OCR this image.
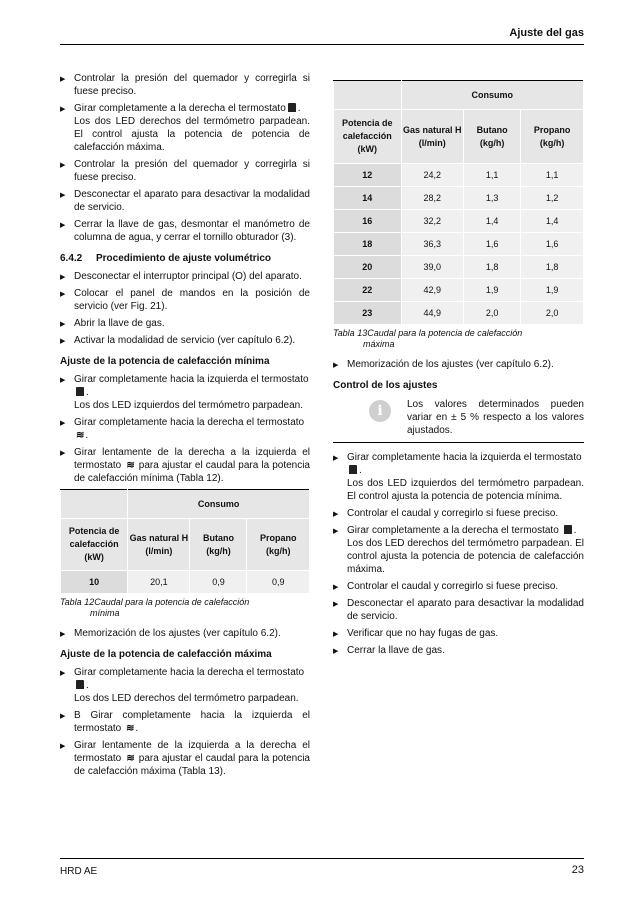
Ajuste del gas

▶ Controlar la presión del quemador y corregirla si fuese preciso.

▶ Girar completamente a la derecha el termostato .
Los dos LED derechos del termómetro parpadean. El control ajusta la potencia de potencia de calefacción máxima.

▶ Controlar la presión del quemador y corregirla si fuese preciso.

▶ Desconectar el aparato para desactivar la modalidad de servicio.

▶ Cerrar la llave de gas, desmontar el manómetro de columna de agua, y cerrar el tornillo obturador (3).

6.4.2 Procedimiento de ajuste volumétrico

▶ Desconectar el interruptor principal (O) del aparato.

▶ Colocar el panel de mandos en la posición de servicio (ver Fig. 21).

▶ Abrir la llave de gas.

▶ Activar la modalidad de servicio (ver capítulo 6.2).

Ajuste de la potencia de calefacción mínima

▶ Girar completamente hacia la izquierda el termostato
.
Los dos LED izquierdos del termómetro parpadean.

▶ Girar completamente hacia la derecha el termostato
≋ .

▶ Girar lentamente de la derecha a la izquierda el termostato ≋ para ajustar el caudal para la potencia de calefacción mínima (Tabla 12).

	Consumo		
Potencia de calefacción (kW)	Gas natural H (l/min)	Butano (kg/h)	Propano (kg/h)
10	20,1	0,9	0,9
Tabla 12Caudal para la potencia de calefacción
mínima

▶ Memorización de los ajustes (ver capítulo 6.2).

Ajuste de la potencia de calefacción máxima

▶ Girar completamente hacia la derecha el termostato
.
Los dos LED derechos del termómetro parpadean.

▶ B Girar completamente hacia la izquierda el termostato ≋ .

▶ Girar lentamente de la izquierda a la derecha el termostato ≋ para ajustar el caudal para la potencia de calefacción máxima (Tabla 13).

	Consumo		
Potencia de calefacción (kW)	Gas natural H (l/min)	Butano (kg/h)	Propano (kg/h)
12	24,2	1,1	1,1
14	28,2	1,3	1,2
16	32,2	1,4	1,4
18	36,3	1,6	1,6
20	39,0	1,8	1,8
22	42,9	1,9	1,9
23	44,9	2,0	2,0
Tabla 13Caudal para la potencia de calefacción
máxima

▶ Memorización de los ajustes (ver capítulo 6.2).

Control de los ajustes
i	Los valores determinados pueden variar en ± 5 % respecto a los valores ajustados.

▶ Girar completamente hacia la izquierda el termostato
.
Los dos LED izquierdos del termómetro parpadean. El control ajusta la potencia de potencia mínima.

▶ Controlar el caudal y corregirlo si fuese preciso.

▶ Girar completamente a la derecha el termostato .
Los dos LED derechos del termómetro parpadean. El control ajusta la potencia de potencia de calefacción máxima.

▶ Controlar el caudal y corregirlo si fuese preciso.

▶ Desconectar el aparato para desactivar la modalidad de servicio.

▶ Verificar que no hay fugas de gas.

▶ Cerrar la llave de gas.

HRD AE	23
